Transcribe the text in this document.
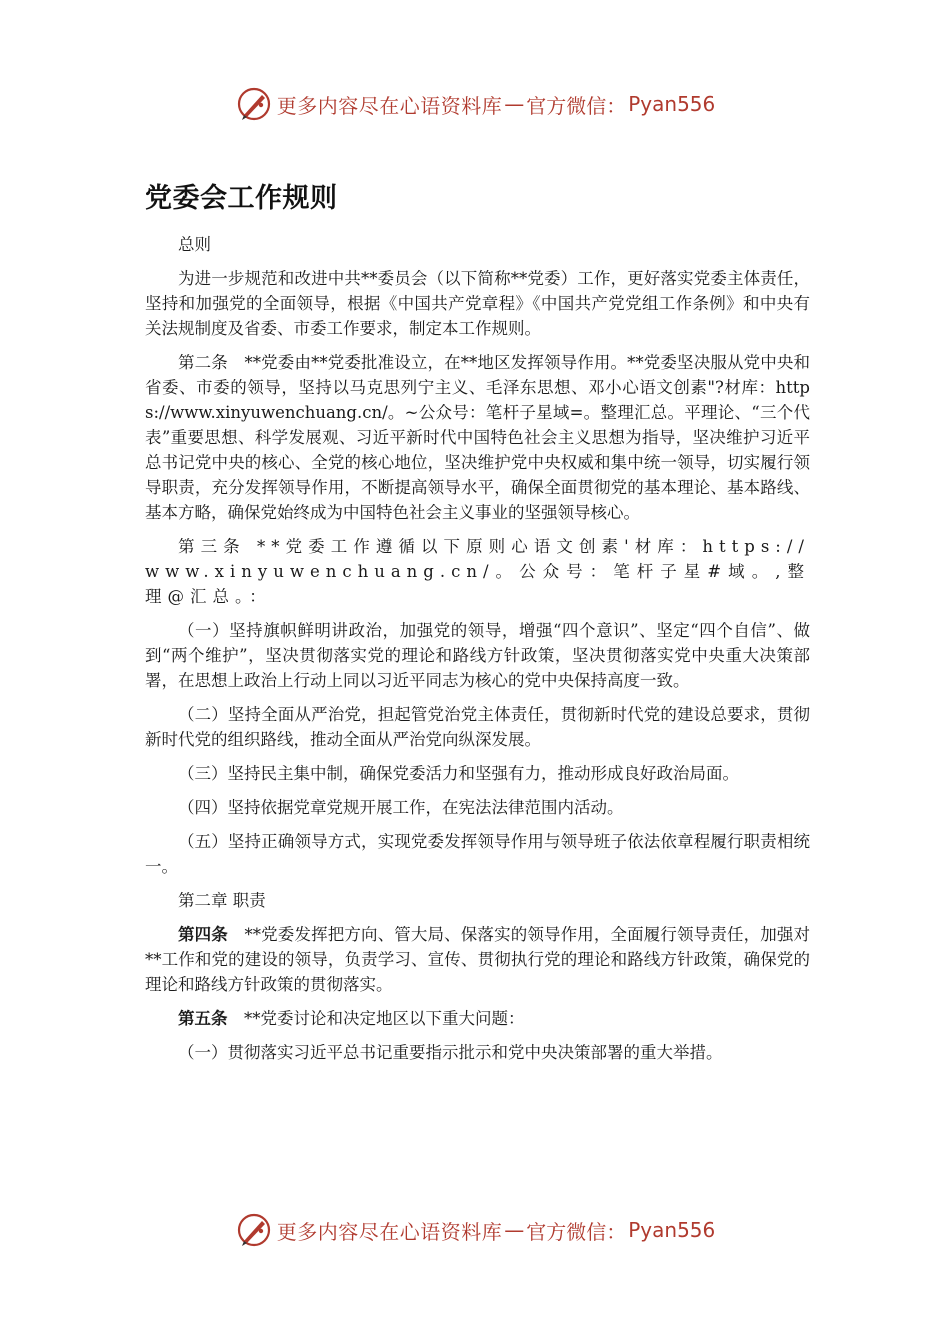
更多内容尽在心语资料库 — 官方微信： Pyan556
党委会工作规则

总则

为进一步规范和改进中共**委员会（以下简称**党委）工作，更好落实党委主体责任，坚持和加强党的全面领导，根据《中国共产党章程》《中国共产党党组工作条例》和中央有关法规制度及省委、市委工作要求，制定本工作规则。

第二条　**党委由**党委批准设立，在**地区发挥领导作用。**党委坚决服从党中央和省委、市委的领导，坚持以马克思列宁主义、毛泽东思想、邓小心语文创素"?材库：https://www.xinyuwenchuang.cn/。~公众号：笔杆子星域=。整理汇总。平理论、“三个代表”重要思想、科学发展观、习近平新时代中国特色社会主义思想为指导，坚决维护习近平总书记党中央的核心、全党的核心地位，坚决维护党中央权威和集中统一领导，切实履行领导职责，充分发挥领导作用，不断提高领导水平，确保全面贯彻党的基本理论、基本路线、基本方略，确保党始终成为中国特色社会主义事业的坚强领导核心。

第三条 **党委工作遵循以下原则心语文创素'材库：https://www.xinyuwenchuang.cn/。公众号：笔杆子星#域。,整理@汇总。：

（一）坚持旗帜鲜明讲政治，加强党的领导，增强“四个意识”、坚定“四个自信”、做到“两个维护”，坚决贯彻落实党的理论和路线方针政策，坚决贯彻落实党中央重大决策部署，在思想上政治上行动上同以习近平同志为核心的党中央保持高度一致。

（二）坚持全面从严治党，担起管党治党主体责任，贯彻新时代党的建设总要求，贯彻新时代党的组织路线，推动全面从严治党向纵深发展。

（三）坚持民主集中制，确保党委活力和坚强有力，推动形成良好政治局面。

（四）坚持依据党章党规开展工作，在宪法法律范围内活动。

（五）坚持正确领导方式，实现党委发挥领导作用与领导班子依法依章程履行职责相统一。

第二章 职责

第四条　**党委发挥把方向、管大局、保落实的领导作用，全面履行领导责任，加强对**工作和党的建设的领导，负责学习、宣传、贯彻执行党的理论和路线方针政策，确保党的理论和路线方针政策的贯彻落实。

第五条　**党委讨论和决定地区以下重大问题：

（一）贯彻落实习近平总书记重要指示批示和党中央决策部署的重大举措。

更多内容尽在心语资料库 — 官方微信： Pyan556
